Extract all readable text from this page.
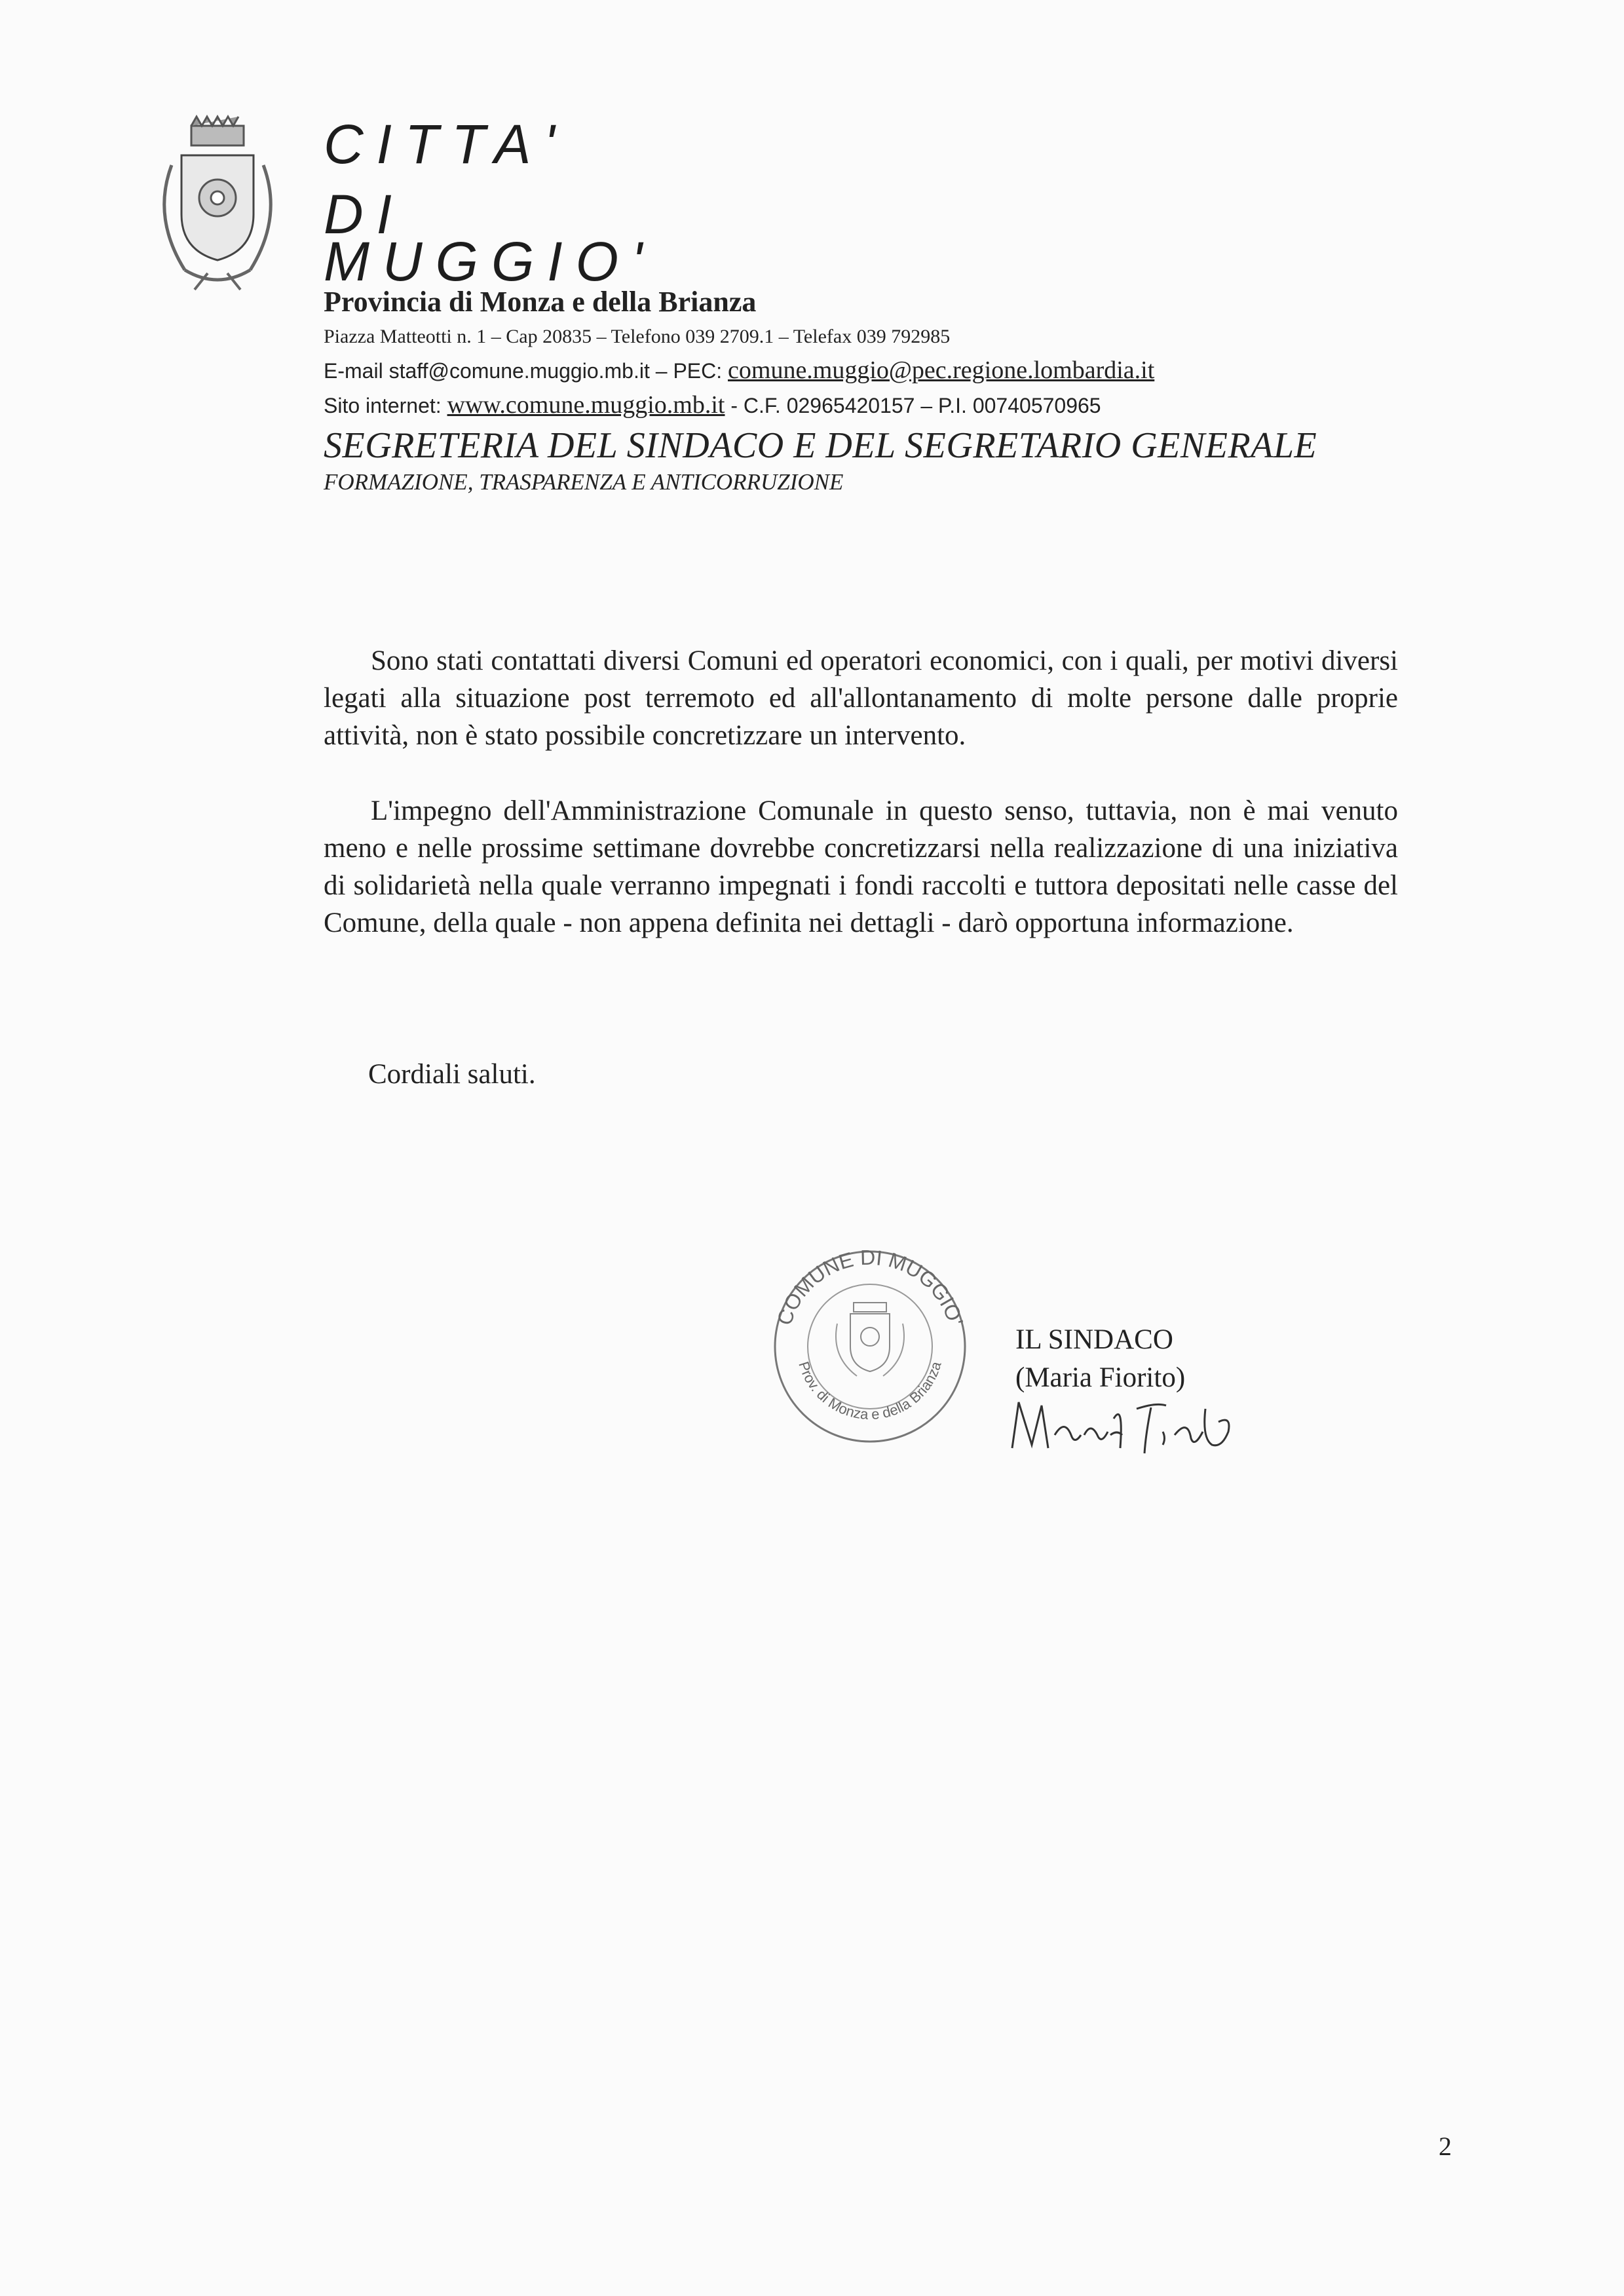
CITTA'
DI
MUGGIO'
Provincia di Monza e della Brianza
Piazza Matteotti n. 1 – Cap 20835 – Telefono 039 2709.1 – Telefax 039 792985
E-mail staff@comune.muggio.mb.it – PEC: comune.muggio@pec.regione.lombardia.it
Sito internet: www.comune.muggio.mb.it - C.F. 02965420157 – P.I. 00740570965
SEGRETERIA DEL SINDACO E DEL SEGRETARIO GENERALE
FORMAZIONE, TRASPARENZA E ANTICORRUZIONE

Sono stati contattati diversi Comuni ed operatori economici, con i quali, per motivi diversi legati alla situazione post terremoto ed all'allontanamento di molte persone dalle proprie attività, non è stato possibile concretizzare un intervento.

L'impegno dell'Amministrazione Comunale in questo senso, tuttavia, non è mai venuto meno e nelle prossime settimane dovrebbe concretizzarsi nella realizzazione di una iniziativa di solidarietà nella quale verranno impegnati i fondi raccolti e tuttora depositati nelle casse del Comune, della quale - non appena definita nei dettagli - darò opportuna informazione.

Cordiali saluti.
COMUNE DI MUGGIO'
Prov. di Monza e della Brianza
IL SINDACO
(Maria Fiorito)
2
